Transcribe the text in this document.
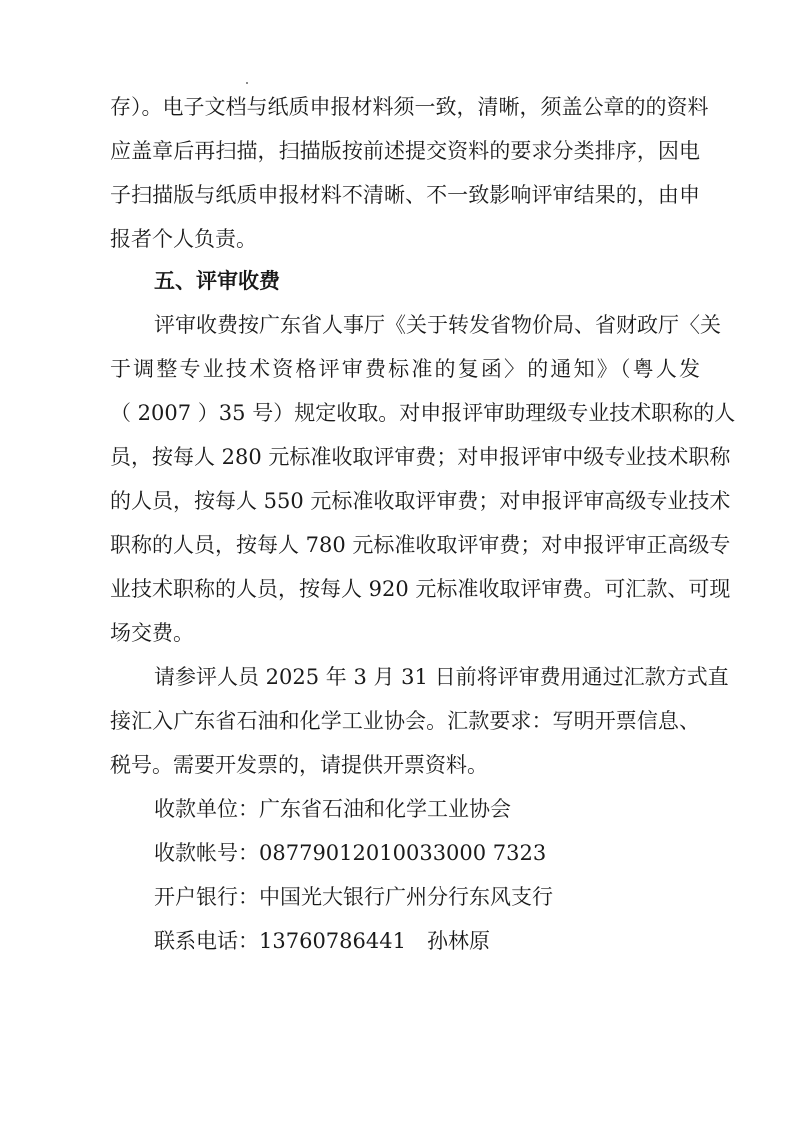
存）。电子文档与纸质申报材料须一致，清晰，须盖公章的的资料
应盖章后再扫描，扫描版按前述提交资料的要求分类排序，因电
子扫描版与纸质申报材料不清晰、不一致影响评审结果的，由申
报者个人负责。
五、评审收费
评审收费按广东省人事厅《关于转发省物价局、省财政厅〈关
于调整专业技术资格评审费标准的复函〉的通知》（粤人发
（ 2007 ）35 号）规定收取。对申报评审助理级专业技术职称的人
员，按每人 280 元标准收取评审费；对申报评审中级专业技术职称
的人员，按每人 550 元标准收取评审费；对申报评审高级专业技术
职称的人员，按每人 780 元标准收取评审费；对申报评审正高级专
业技术职称的人员，按每人 920 元标准收取评审费。可汇款、可现
场交费。
请参评人员 2025 年 3 月 31 日前将评审费用通过汇款方式直
接汇入广东省石油和化学工业协会。汇款要求：写明开票信息、
税号。需要开发票的，请提供开票资料。
收款单位：广东省石油和化学工业协会
收款帐号：08779012010033000 7323
开户银行：中国光大银行广州分行东风支行
联系电话：13760786441　孙林原
